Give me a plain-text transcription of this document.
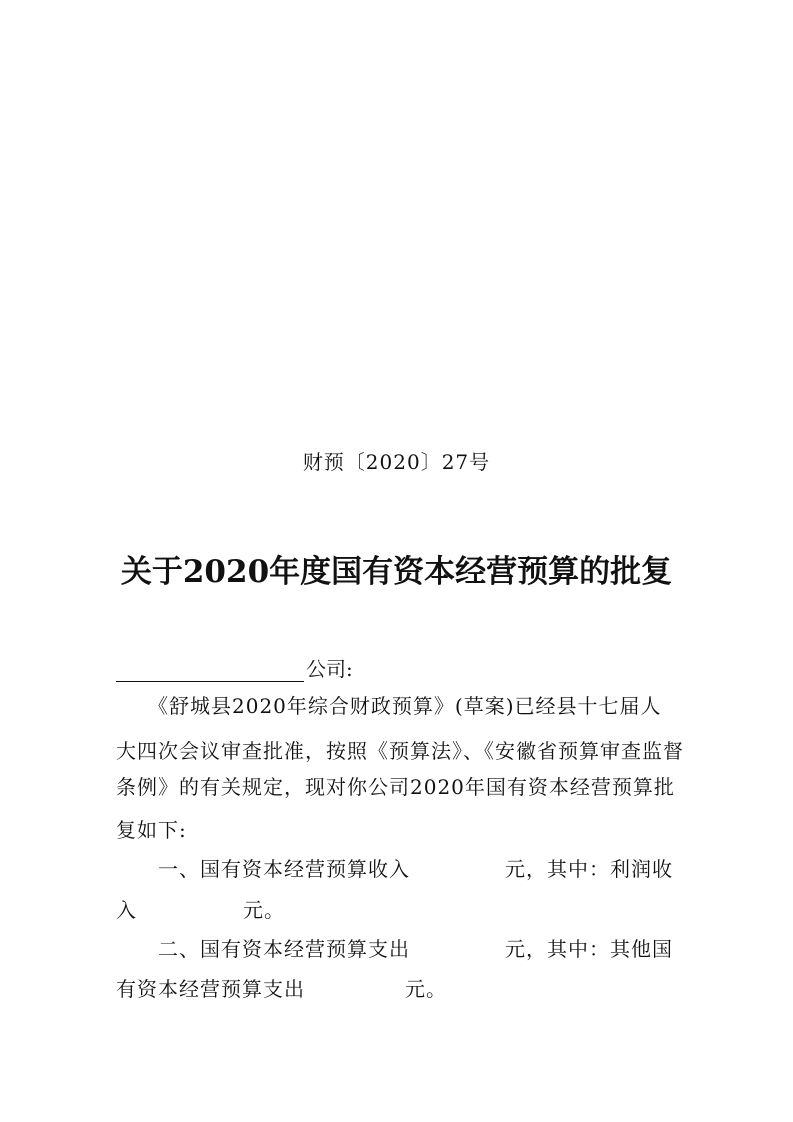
财预〔2020〕27号
关于2020年度国有资本经营预算的批复
公司:
《舒城县2020年综合财政预算》(草案)已经县十七届人
大四次会议审查批准，按照《预算法》、《安徽省预算审查监督
条例》的有关规定，现对你公司2020年国有资本经营预算批
复如下:
一、国有资本经营预算收入	元，其中：利润收
入	元。
二、国有资本经营预算支出	元，其中：其他国
有资本经营预算支出	元。
